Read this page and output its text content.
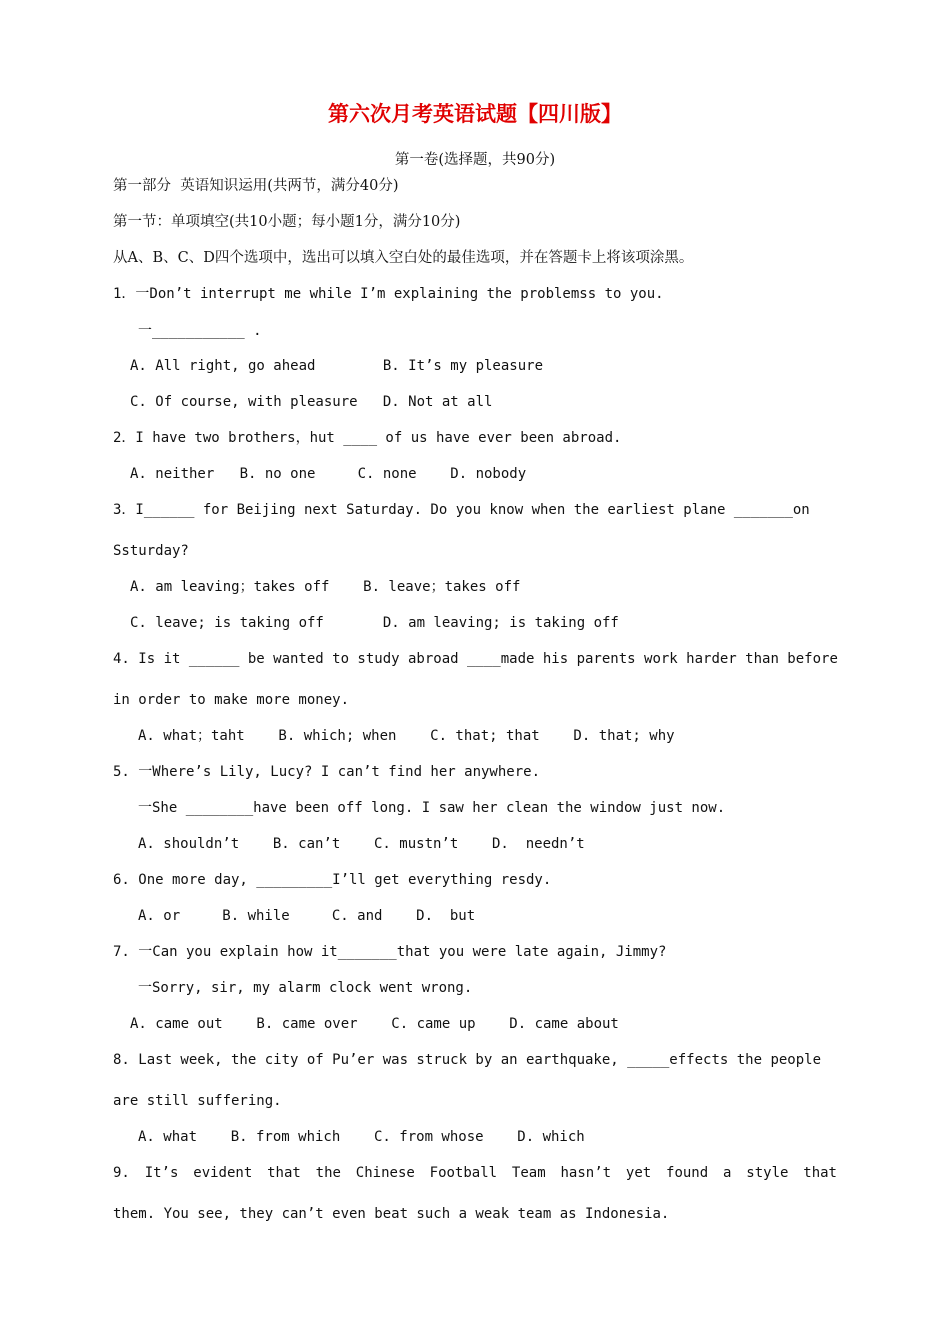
第六次月考英语试题【四川版】
第一卷(选择题，共90分)
第一部分  英语知识运用(共两节，满分40分)
第一节：单项填空(共10小题；每小题1分，满分10分)
从A、B、C、D四个选项中，选出可以填入空白处的最佳选项，并在答题卡上将该项涂黑。
1．一Don’t interrupt me while I’m explaining the problemss to you.
一___________ .
A. All right, go ahead        B. It’s my pleasure
C. Of course, with pleasure   D. Not at all
2．I have two brothers，hut ____ of us have ever been abroad.
A. neither   B. no one     C. none    D. nobody
3．I______ for Beijing next Saturday. Do you know when the earliest plane _______on
Ssturday?
A. am leaving；takes off    B. leave；takes off
C. leave; is taking off       D. am leaving; is taking off
4. Is it ______ be wanted to study abroad ____made his parents work harder than before
in order to make more money.
A. what；taht    B. which; when    C. that; that    D. that; why
5. 一Where’s Lily, Lucy? I can’t find her anywhere.
一She ________have been off long. I saw her clean the window just now.
A. shouldn’t    B. can’t    C. mustn’t    D.  needn’t
6. One more day, _________I’ll get everything resdy.
A. or     B. while     C. and    D.  but
7. 一Can you explain how it_______that you were late again, Jimmy?
一Sorry, sir, my alarm clock went wrong.
A. came out    B. came over    C. came up    D. came about
8. Last week, the city of Pu’er was struck by an earthquake, _____effects the people
are still suffering.
A. what    B. from which    C. from whose    D. which
9. It’s evident that the Chinese Football Team hasn’t yet found a style that
them. You see, they can’t even beat such a weak team as Indonesia.
